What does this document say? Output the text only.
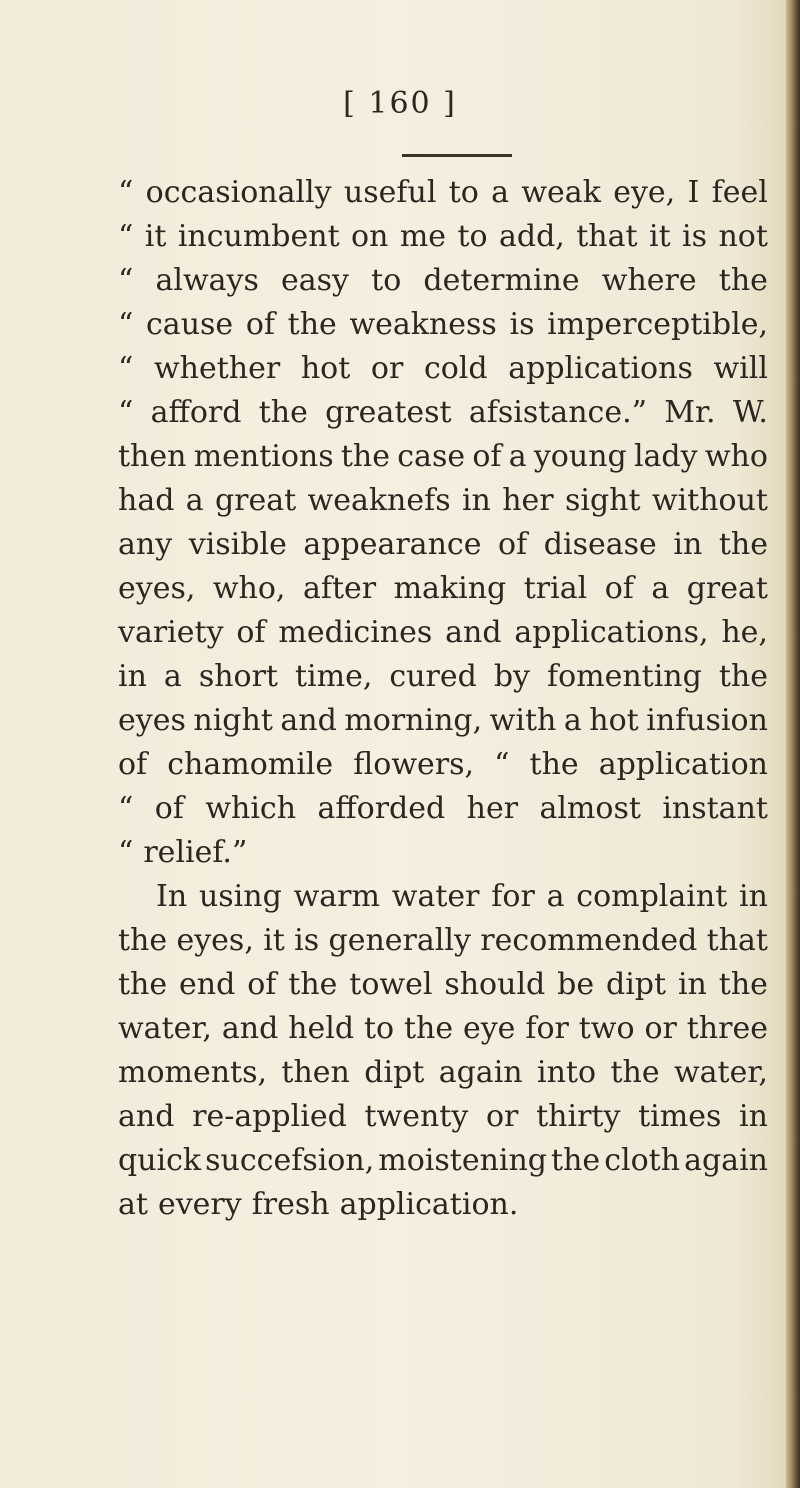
[ 160 ]
“ occasionally useful to a weak eye, I feel
“ it incumbent on me to add, that it is not
“ always easy to determine where the
“ cause of the weakness is imperceptible,
“ whether hot or cold applications will
“ afford the greatest afsistance.” Mr. W.
then mentions the case of a young lady who
had a great weaknefs in her sight without
any visible appearance of disease in the
eyes, who, after making trial of a great
variety of medicines and applications, he,
in a short time, cured by fomenting the
eyes night and morning, with a hot infusion
of chamomile flowers, “ the application
“ of which afforded her almost instant
“ relief.”
In using warm water for a complaint in
the eyes, it is generally recommended that
the end of the towel should be dipt in the
water, and held to the eye for two or three
moments, then dipt again into the water,
and re-applied twenty or thirty times in
quick succefsion, moistening the cloth again
at every fresh application.
